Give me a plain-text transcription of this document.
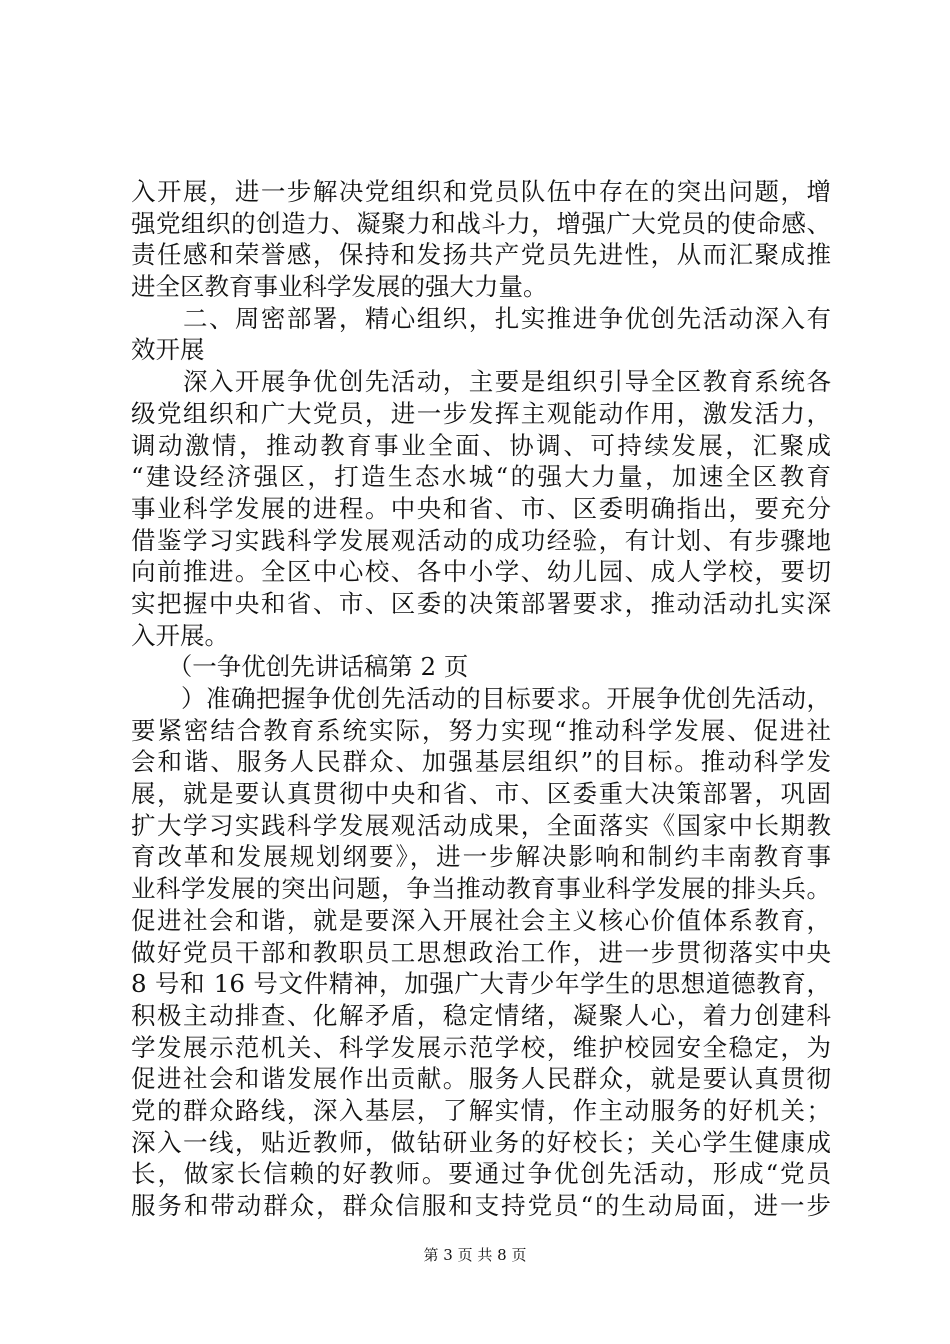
入开展，进一步解决党组织和党员队伍中存在的突出问题，增
强党组织的创造力、凝聚力和战斗力，增强广大党员的使命感、
责任感和荣誉感，保持和发扬共产党员先进性，从而汇聚成推
进全区教育事业科学发展的强大力量。
　　二、周密部署，精心组织，扎实推进争优创先活动深入有
效开展
　　深入开展争优创先活动，主要是组织引导全区教育系统各
级党组织和广大党员，进一步发挥主观能动作用，激发活力，
调动激情，推动教育事业全面、协调、可持续发展，汇聚成
“建设经济强区，打造生态水城“的强大力量，加速全区教育
事业科学发展的进程。中央和省、市、区委明确指出，要充分
借鉴学习实践科学发展观活动的成功经验，有计划、有步骤地
向前推进。全区中心校、各中小学、幼儿园、成人学校，要切
实把握中央和省、市、区委的决策部署要求，推动活动扎实深
入开展。
　　（一争优创先讲话稿第 2 页
　　）准确把握争优创先活动的目标要求。开展争优创先活动，
要紧密结合教育系统实际，努力实现“推动科学发展、促进社
会和谐、服务人民群众、加强基层组织”的目标。推动科学发
展，就是要认真贯彻中央和省、市、区委重大决策部署，巩固
扩大学习实践科学发展观活动成果，全面落实《国家中长期教
育改革和发展规划纲要》，进一步解决影响和制约丰南教育事
业科学发展的突出问题，争当推动教育事业科学发展的排头兵。
促进社会和谐，就是要深入开展社会主义核心价值体系教育，
做好党员干部和教职员工思想政治工作，进一步贯彻落实中央
8 号和 16 号文件精神，加强广大青少年学生的思想道德教育，
积极主动排查、化解矛盾，稳定情绪，凝聚人心，着力创建科
学发展示范机关、科学发展示范学校，维护校园安全稳定，为
促进社会和谐发展作出贡献。服务人民群众，就是要认真贯彻
党的群众路线，深入基层，了解实情，作主动服务的好机关；
深入一线，贴近教师，做钻研业务的好校长；关心学生健康成
长，做家长信赖的好教师。要通过争优创先活动，形成“党员
服务和带动群众，群众信服和支持党员“的生动局面，进一步
第 3 页 共 8 页
